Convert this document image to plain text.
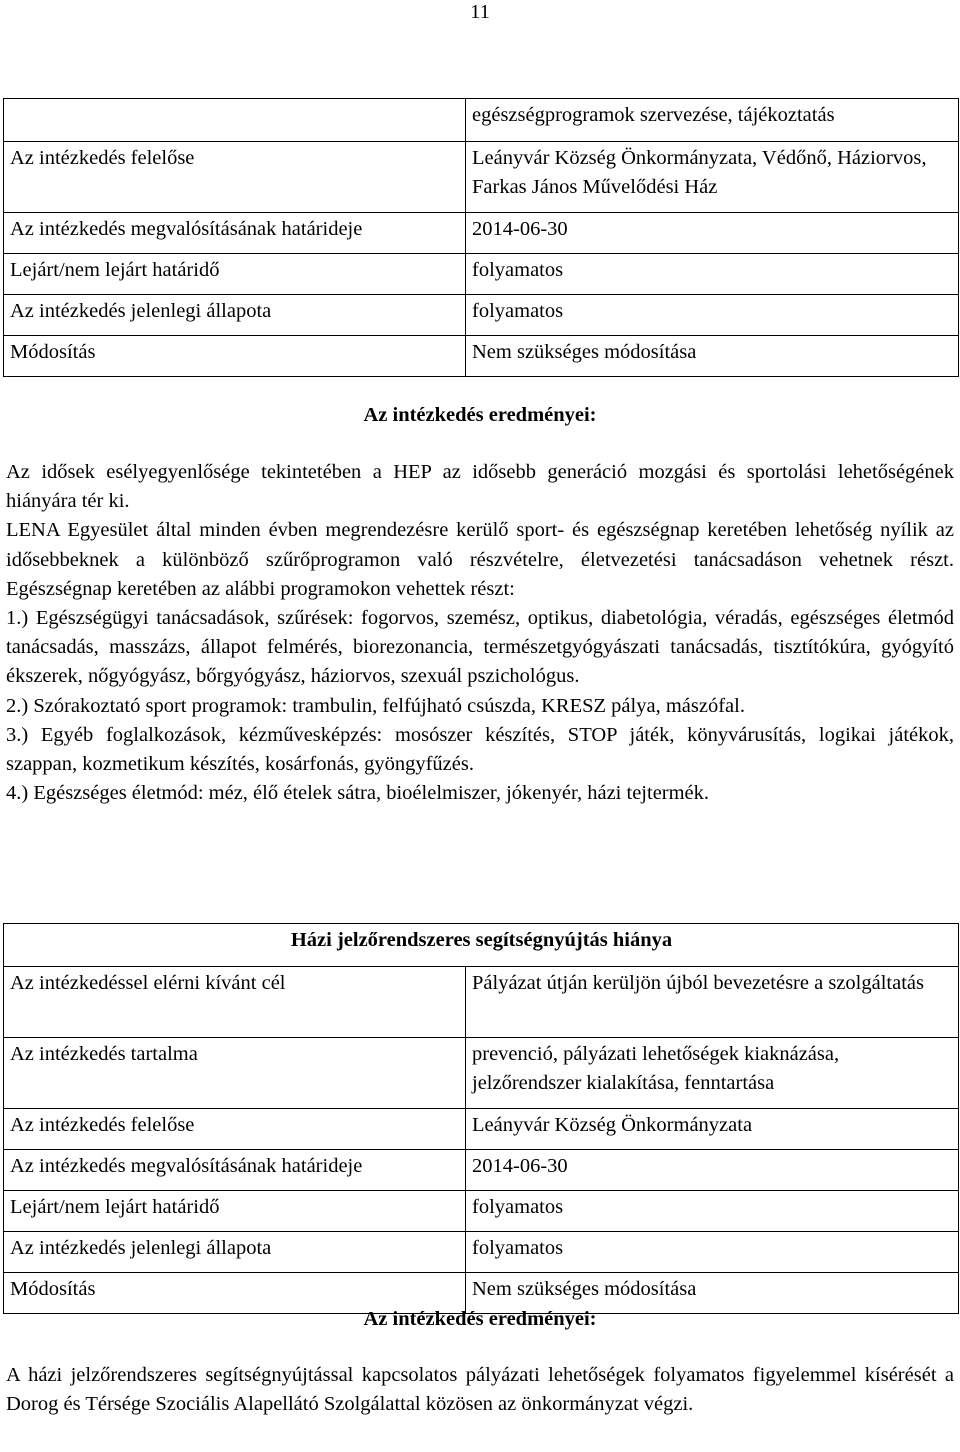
11
	egészségprogramok szervezése, tájékoztatás
Az intézkedés felelőse	Leányvár Község Önkormányzata, Védőnő, Háziorvos, Farkas János Művelődési Ház
Az intézkedés megvalósításának határideje	2014-06-30
Lejárt/nem lejárt határidő	folyamatos
Az intézkedés jelenlegi állapota	folyamatos
Módosítás	Nem szükséges módosítása
Az intézkedés eredményei:

Az idősek esélyegyenlősége tekintetében a HEP az idősebb generáció mozgási és sportolási lehetőségének hiányára tér ki.

LENA Egyesület által minden évben megrendezésre kerülő sport- és egészségnap keretében lehetőség nyílik az idősebbeknek a különböző szűrőprogramon való részvételre, életvezetési tanácsadáson vehetnek részt. Egészségnap keretében az alábbi programokon vehettek részt:

1.) Egészségügyi tanácsadások, szűrések: fogorvos, szemész, optikus, diabetológia, véradás, egészséges életmód tanácsadás, masszázs, állapot felmérés, biorezonancia, természetgyógyászati tanácsadás, tisztítókúra, gyógyító ékszerek, nőgyógyász, bőrgyógyász, háziorvos, szexuál pszichológus.

2.) Szórakoztató sport programok: trambulin, felfújható csúszda, KRESZ pálya, mászófal.

3.) Egyéb foglalkozások, kézművesképzés: mosószer készítés, STOP játék, könyvárusítás, logikai játékok, szappan, kozmetikum készítés, kosárfonás, gyöngyfűzés.

4.) Egészséges életmód: méz, élő ételek sátra, bioélelmiszer, jókenyér, házi tejtermék.

Házi jelzőrendszeres segítségnyújtás hiánya	
Az intézkedéssel elérni kívánt cél	Pályázat útján kerüljön újból bevezetésre a szolgáltatás
Az intézkedés tartalma	prevenció, pályázati lehetőségek kiaknázása, jelzőrendszer kialakítása, fenntartása
Az intézkedés felelőse	Leányvár Község Önkormányzata
Az intézkedés megvalósításának határideje	2014-06-30
Lejárt/nem lejárt határidő	folyamatos
Az intézkedés jelenlegi állapota	folyamatos
Módosítás	Nem szükséges módosítása
Az intézkedés eredményei:

A házi jelzőrendszeres segítségnyújtással kapcsolatos pályázati lehetőségek folyamatos figyelemmel kísérését a Dorog és Térsége Szociális Alapellátó Szolgálattal közösen az önkormányzat végzi.
